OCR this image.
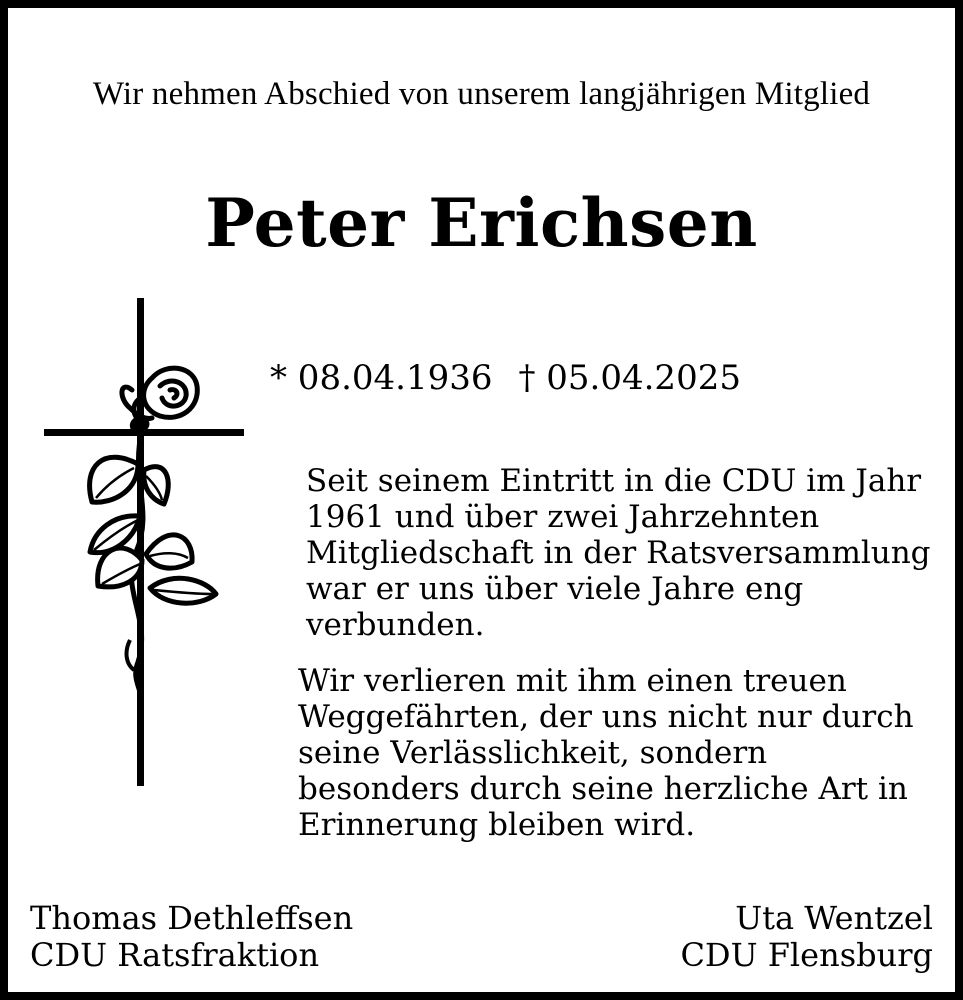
Wir nehmen Abschied von unserem langjährigen Mitglied
Peter Erichsen
* 08.04.1936 † 05.04.2025
Seit seinem Eintritt in die CDU im Jahr
1961 und über zwei Jahrzehnten
Mitgliedschaft in der Ratsversammlung
war er uns über viele Jahre eng
verbunden.
Wir verlieren mit ihm einen treuen
Weggefährten, der uns nicht nur durch
seine Verlässlichkeit, sondern
besonders durch seine herzliche Art in
Erinnerung bleiben wird.
Thomas Dethleffsen
CDU Ratsfraktion
Uta Wentzel
CDU Flensburg
